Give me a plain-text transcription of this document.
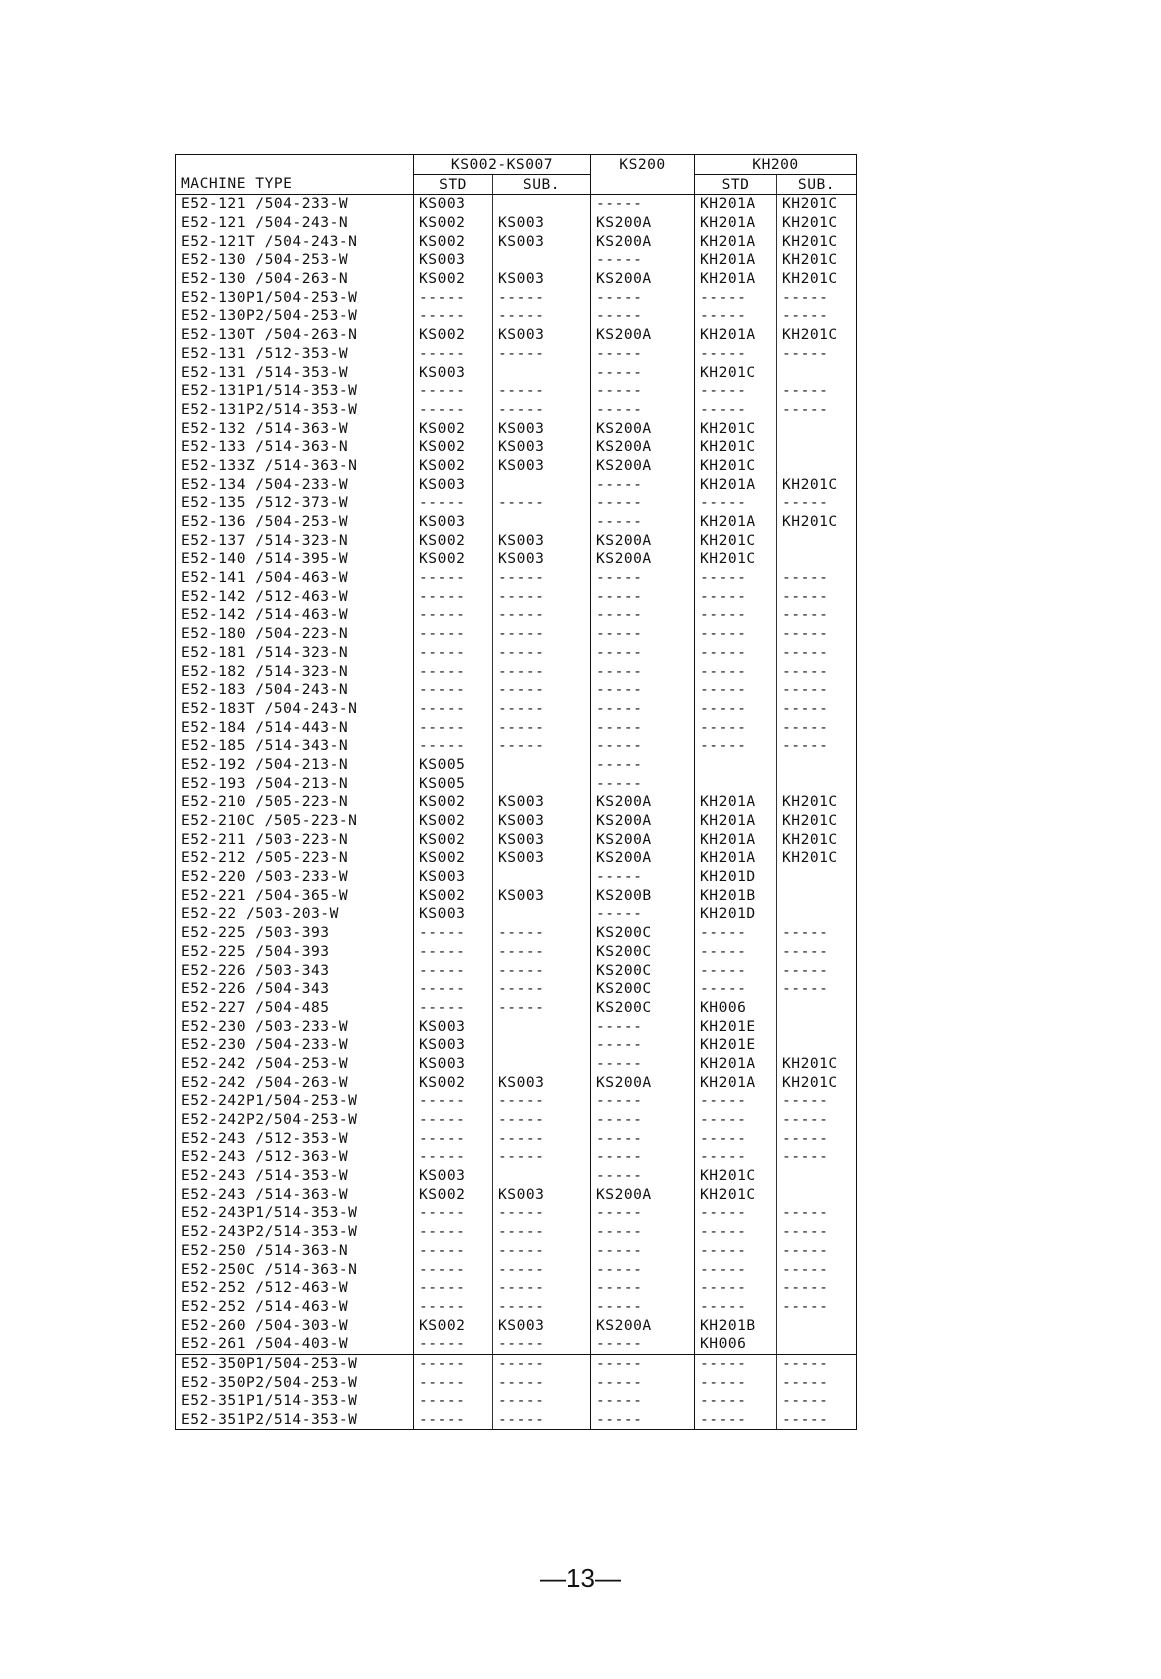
	KS002-KS007		KS200	KH200	
MACHINE TYPE	STD	SUB.		STD	SUB.
E52-121 /504-233-W	KS003		-----	KH201A	KH201C
E52-121 /504-243-N	KS002	KS003	KS200A	KH201A	KH201C
E52-121T /504-243-N	KS002	KS003	KS200A	KH201A	KH201C
E52-130 /504-253-W	KS003		-----	KH201A	KH201C
E52-130 /504-263-N	KS002	KS003	KS200A	KH201A	KH201C
E52-130P1/504-253-W	-----	-----	-----	-----	-----
E52-130P2/504-253-W	-----	-----	-----	-----	-----
E52-130T /504-263-N	KS002	KS003	KS200A	KH201A	KH201C
E52-131 /512-353-W	-----	-----	-----	-----	-----
E52-131 /514-353-W	KS003		-----	KH201C	
E52-131P1/514-353-W	-----	-----	-----	-----	-----
E52-131P2/514-353-W	-----	-----	-----	-----	-----
E52-132 /514-363-W	KS002	KS003	KS200A	KH201C	
E52-133 /514-363-N	KS002	KS003	KS200A	KH201C	
E52-133Z /514-363-N	KS002	KS003	KS200A	KH201C	
E52-134 /504-233-W	KS003		-----	KH201A	KH201C
E52-135 /512-373-W	-----	-----	-----	-----	-----
E52-136 /504-253-W	KS003		-----	KH201A	KH201C
E52-137 /514-323-N	KS002	KS003	KS200A	KH201C	
E52-140 /514-395-W	KS002	KS003	KS200A	KH201C	
E52-141 /504-463-W	-----	-----	-----	-----	-----
E52-142 /512-463-W	-----	-----	-----	-----	-----
E52-142 /514-463-W	-----	-----	-----	-----	-----
E52-180 /504-223-N	-----	-----	-----	-----	-----
E52-181 /514-323-N	-----	-----	-----	-----	-----
E52-182 /514-323-N	-----	-----	-----	-----	-----
E52-183 /504-243-N	-----	-----	-----	-----	-----
E52-183T /504-243-N	-----	-----	-----	-----	-----
E52-184 /514-443-N	-----	-----	-----	-----	-----
E52-185 /514-343-N	-----	-----	-----	-----	-----
E52-192 /504-213-N	KS005		-----		
E52-193 /504-213-N	KS005		-----		
E52-210 /505-223-N	KS002	KS003	KS200A	KH201A	KH201C
E52-210C /505-223-N	KS002	KS003	KS200A	KH201A	KH201C
E52-211 /503-223-N	KS002	KS003	KS200A	KH201A	KH201C
E52-212 /505-223-N	KS002	KS003	KS200A	KH201A	KH201C
E52-220 /503-233-W	KS003		-----	KH201D	
E52-221 /504-365-W	KS002	KS003	KS200B	KH201B	
E52-22 /503-203-W	KS003		-----	KH201D	
E52-225 /503-393	-----	-----	KS200C	-----	-----
E52-225 /504-393	-----	-----	KS200C	-----	-----
E52-226 /503-343	-----	-----	KS200C	-----	-----
E52-226 /504-343	-----	-----	KS200C	-----	-----
E52-227 /504-485	-----	-----	KS200C	KH006	
E52-230 /503-233-W	KS003		-----	KH201E	
E52-230 /504-233-W	KS003		-----	KH201E	
E52-242 /504-253-W	KS003		-----	KH201A	KH201C
E52-242 /504-263-W	KS002	KS003	KS200A	KH201A	KH201C
E52-242P1/504-253-W	-----	-----	-----	-----	-----
E52-242P2/504-253-W	-----	-----	-----	-----	-----
E52-243 /512-353-W	-----	-----	-----	-----	-----
E52-243 /512-363-W	-----	-----	-----	-----	-----
E52-243 /514-353-W	KS003		-----	KH201C	
E52-243 /514-363-W	KS002	KS003	KS200A	KH201C	
E52-243P1/514-353-W	-----	-----	-----	-----	-----
E52-243P2/514-353-W	-----	-----	-----	-----	-----
E52-250 /514-363-N	-----	-----	-----	-----	-----
E52-250C /514-363-N	-----	-----	-----	-----	-----
E52-252 /512-463-W	-----	-----	-----	-----	-----
E52-252 /514-463-W	-----	-----	-----	-----	-----
E52-260 /504-303-W	KS002	KS003	KS200A	KH201B	
E52-261 /504-403-W	-----	-----	-----	KH006	
E52-350P1/504-253-W	-----	-----	-----	-----	-----
E52-350P2/504-253-W	-----	-----	-----	-----	-----
E52-351P1/514-353-W	-----	-----	-----	-----	-----
E52-351P2/514-353-W	-----	-----	-----	-----	-----
—13—
